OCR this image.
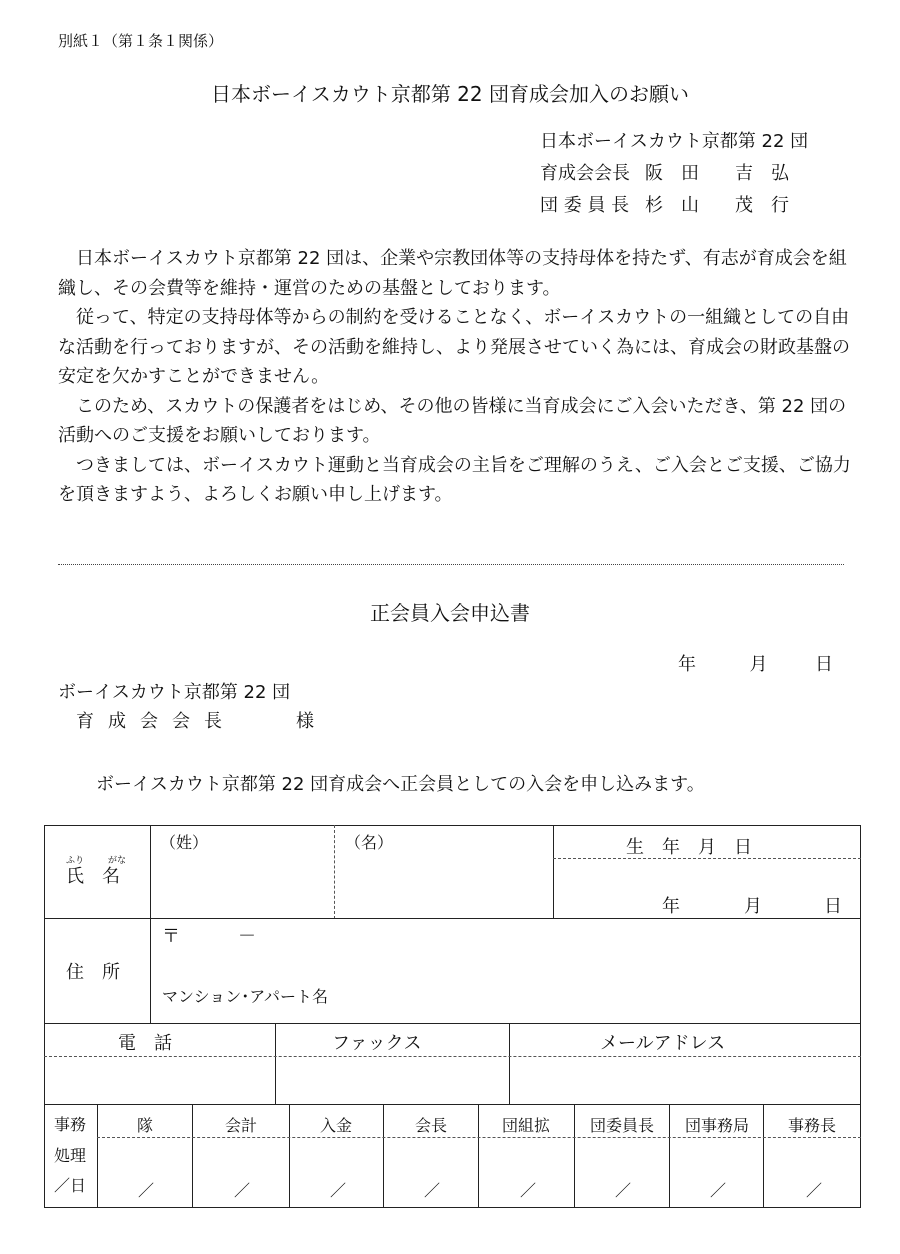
別紙１（第１条１関係）
日本ボーイスカウト京都第 22 団育成会加入のお願い
日本ボーイスカウト京都第 22 団
育成会会長 阪　田　　吉　弘
団 委 員 長 杉　山　　茂　行

日本ボーイスカウト京都第 22 団は、企業や宗教団体等の支持母体を持たず、有志が育成会を組織し、その会費等を維持・運営のための基盤としております。

従って、特定の支持母体等からの制約を受けることなく、ボーイスカウトの一組織としての自由な活動を行っておりますが、その活動を維持し、より発展させていく為には、育成会の財政基盤の安定を欠かすことができません。

このため、スカウトの保護者をはじめ、その他の皆様に当育成会にご入会いただき、第 22 団の活動へのご支援をお願いしております。

つきましては、ボーイスカウト運動と当育成会の主旨をご理解のうえ、ご入会とご支援、ご協力を頂きますよう、よろしくお願い申し上げます。

正会員入会申込書
年	月	日
ボーイスカウト京都第 22 団
育成会会長	様
ボーイスカウト京都第 22 団育成会へ正会員としての入会を申し込みます。
ふり	がな
氏　名
（姓）	（名）	生　年　月　日
年	月	日
住　所
〒	－
マンション･アパート名
電　話	ファックス	メールアドレス
事務
処理
／日
隊	会計	入金	会長	団組拡 団委員長 団事務局 事務長
／	／	／	／	／	／	／	／
